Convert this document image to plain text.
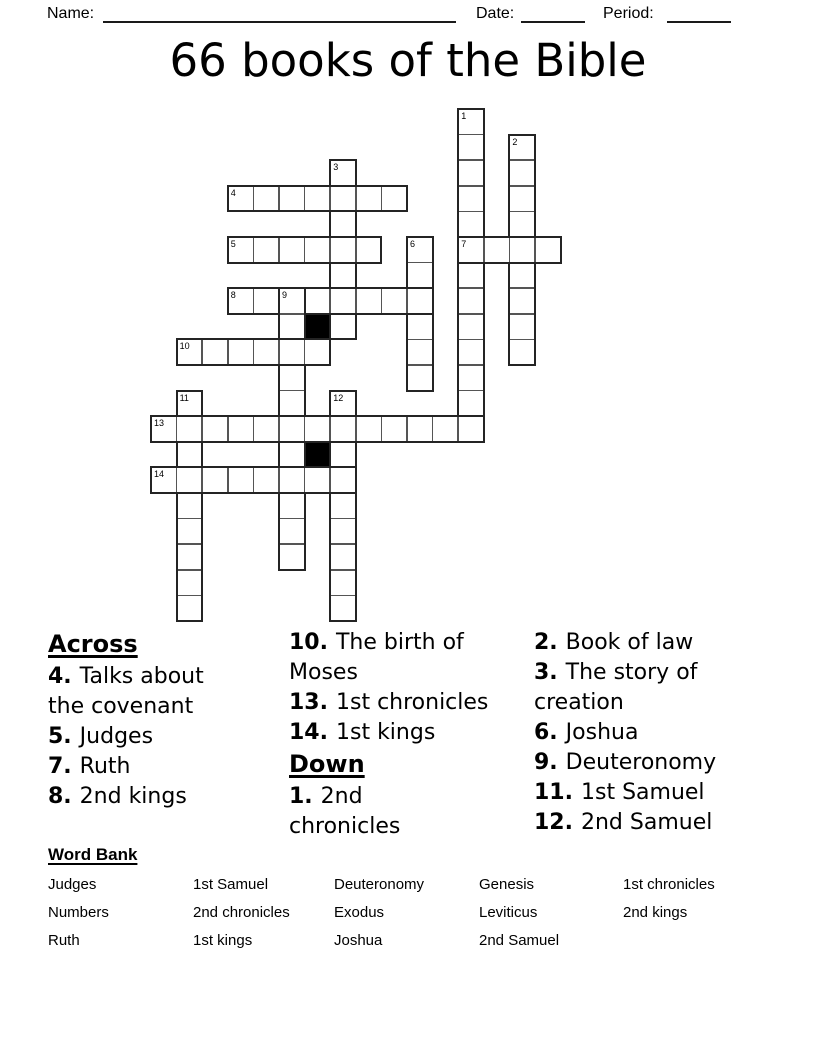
Name:	Date:	Period:
66 books of the Bible
1
2
3
4
5	6	7
8	9
10
11	12
13
14
Across
4. Talks about
the covenant
5. Judges
7. Ruth
8. 2nd kings
10. The birth of
Moses
13. 1st chronicles
14. 1st kings
Down
1. 2nd
chronicles
2. Book of law
3. The story of
creation
6. Joshua
9. Deuteronomy
11. 1st Samuel
12. 2nd Samuel
Word Bank
Judges	1st Samuel	Deuteronomy	Genesis	1st chronicles
Numbers	2nd chronicles	Exodus	Leviticus	2nd kings
Ruth	1st kings	Joshua	2nd Samuel
